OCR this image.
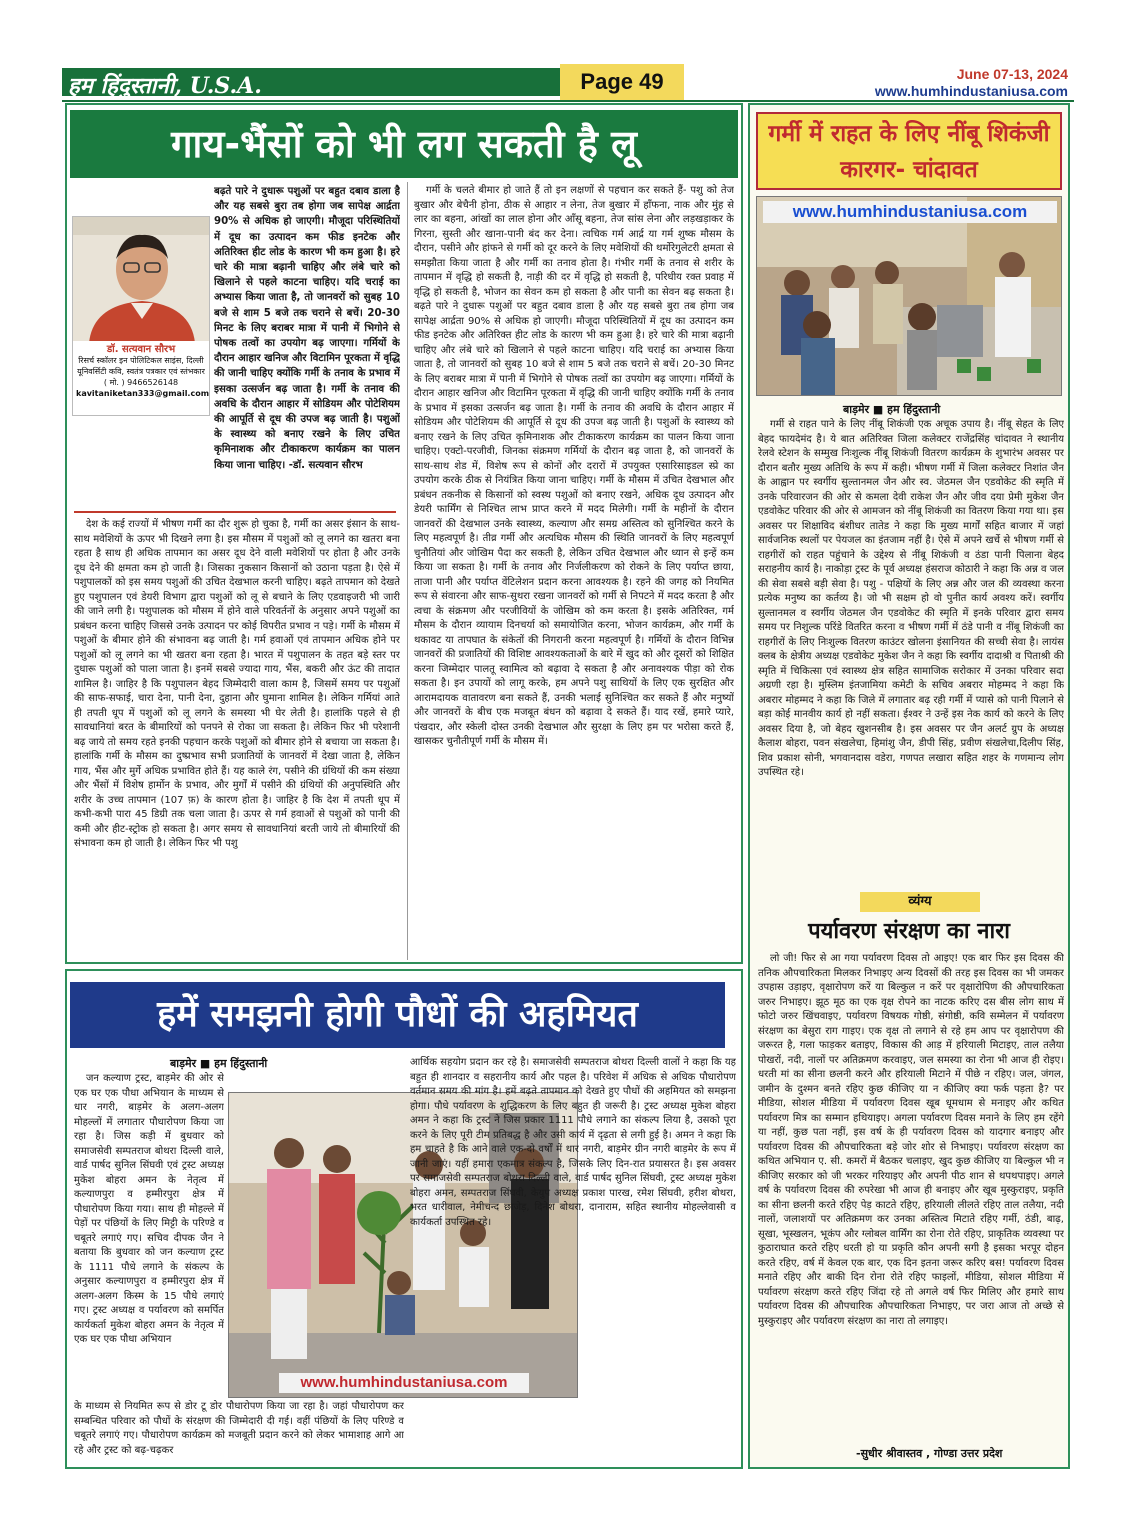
हम हिंदुस्तानी, U.S.A.	Page 49	June 07-13, 2024
www.humhindustaniusa.com
गाय-भैंसों को भी लग सकती है लू
डॉ. सत्यवान सौरभ
रिसर्च स्कॉलर इन पोलिटिकल साइंस, दिल्ली यूनिवर्सिटी कवि, स्वतंत्र पत्रकार एवं स्तंभकार
( मो. ) 9466526148
kavitaniketan333@gmail.com
बढ़ते पारे ने दुधारू पशुओं पर बहुत दबाव डाला है और यह सबसे बुरा तब होगा जब सापेक्ष आर्द्रता 90% से अधिक हो जाएगी। मौजूदा परिस्थितियों में दूध का उत्पादन कम फीड इनटेक और अतिरिक्त हीट लोड के कारण भी कम हुआ है। हरे चारे की मात्रा बढ़ानी चाहिए और लंबे चारे को खिलाने से पहले काटना चाहिए। यदि चराई का अभ्यास किया जाता है, तो जानवरों को सुबह 10 बजे से शाम 5 बजे तक चराने से बचें। 20-30 मिनट के लिए बराबर मात्रा में पानी में भिगोने से पोषक तत्वों का उपयोग बढ़ जाएगा। गर्मियों के दौरान आहार खनिज और विटामिन पूरकता में वृद्धि की जानी चाहिए क्योंकि गर्मी के तनाव के प्रभाव में इसका उत्सर्जन बढ़ जाता है। गर्मी के तनाव की अवधि के दौरान आहार में सोडियम और पोटेशियम की आपूर्ति से दूध की उपज बढ़ जाती है। पशुओं के स्वास्थ्य को बनाए रखने के लिए उचित कृमिनाशक और टीकाकरण कार्यक्रम का पालन किया जाना चाहिए। -डॉ. सत्यवान सौरभ

देश के कई राज्यों में भीषण गर्मी का दौर शुरू हो चुका है, गर्मी का असर इंसान के साथ-साथ मवेशियों के ऊपर भी दिखने लगा है। इस मौसम में पशुओं को लू लगने का खतरा बना रहता है साथ ही अधिक तापमान का असर दूध देने वाली मवेशियों पर होता है और उनके दूध देने की क्षमता कम हो जाती है। जिसका नुकसान किसानों को उठाना पड़ता है। ऐसे में पशुपालकों को इस समय पशुओं की उचित देखभाल करनी चाहिए। बढ़ते तापमान को देखते हुए पशुपालन एवं डेयरी विभाग द्वारा पशुओं को लू से बचाने के लिए एडवाइजरी भी जारी की जाने लगी है। पशुपालक को मौसम में होने वाले परिवर्तनों के अनुसार अपने पशुओं का प्रबंधन करना चाहिए जिससे उनके उत्पादन पर कोई विपरीत प्रभाव न पड़े। गर्मी के मौसम में पशुओं के बीमार होने की संभावना बढ़ जाती है। गर्म हवाओं एवं तापमान अधिक होने पर पशुओं को लू लगने का भी खतरा बना रहता है। भारत में पशुपालन के तहत बड़े स्तर पर दुधारू पशुओं को पाला जाता है। इनमें सबसे ज्यादा गाय, भैंस, बकरी और ऊंट की तादात शामिल है। जाहिर है कि पशुपालन बेहद जिम्मेदारी वाला काम है, जिसमें समय पर पशुओं की साफ-सफाई, चारा देना, पानी देना, दुहाना और घुमाना शामिल है। लेकिन गर्मियां आते ही तपती धूप में पशुओं को लू लगने के समस्या भी घेर लेती है। हालांकि पहले से ही सावधानियां बरत के बीमारियों को पनपने से रोका जा सकता है। लेकिन फिर भी परेशानी बढ़ जाये तो समय रहते इनकी पहचान करके पशुओं को बीमार होने से बचाया जा सकता है। हालांकि गर्मी के मौसम का दुष्प्रभाव सभी प्रजातियों के जानवरों में देखा जाता है, लेकिन गाय, भैंस और मुर्गे अधिक प्रभावित होते हैं। यह काले रंग, पसीने की ग्रंथियों की कम संख्या और भैंसों में विशेष हार्मोन के प्रभाव, और मुर्गों में पसीने की ग्रंथियों की अनुपस्थिति और शरीर के उच्च तापमान (107 फ़) के कारण होता है। जाहिर है कि देश में तपती धूप में कभी-कभी पारा 45 डिग्री तक चला जाता है। ऊपर से गर्म हवाओं से पशुओं को पानी की कमी और हीट-स्ट्रोक हो सकता है। अगर समय से सावधानियां बरती जाये तो बीमारियों की संभावना कम हो जाती है। लेकिन फिर भी पशु

गर्मी के चलते बीमार हो जाते हैं तो इन लक्षणों से पहचान कर सकते हैं- पशु को तेज बुखार और बेचैनी होना, ठीक से आहार न लेना, तेज बुखार में हाँफना, नाक और मुंह से लार का बहना, आंखों का लाल होना और आँसू बहना, तेज सांस लेना और लड़खड़ाकर के गिरना, सुस्ती और खाना-पानी बंद कर देना। त्वचिक गर्म आर्द्र या गर्म शुष्क मौसम के दौरान, पसीने और हांफने से गर्मी को दूर करने के लिए मवेशियों की थर्मोरेगुलेटरी क्षमता से समझौता किया जाता है और गर्मी का तनाव होता है। गंभीर गर्मी के तनाव से शरीर के तापमान में वृद्धि हो सकती है, नाड़ी की दर में वृद्धि हो सकती है, परिधीय रक्त प्रवाह में वृद्धि हो सकती है, भोजन का सेवन कम हो सकता है और पानी का सेवन बढ़ सकता है। बढ़ते पारे ने दुधारू पशुओं पर बहुत दबाव डाला है और यह सबसे बुरा तब होगा जब सापेक्ष आर्द्रता 90% से अधिक हो जाएगी। मौजूदा परिस्थितियों में दूध का उत्पादन कम फीड इनटेक और अतिरिक्त हीट लोड के कारण भी कम हुआ है। हरे चारे की मात्रा बढ़ानी चाहिए और लंबे चारे को खिलाने से पहले काटना चाहिए। यदि चराई का अभ्यास किया जाता है, तो जानवरों को सुबह 10 बजे से शाम 5 बजे तक चराने से बचें। 20-30 मिनट के लिए बराबर मात्रा में पानी में भिगोने से पोषक तत्वों का उपयोग बढ़ जाएगा। गर्मियों के दौरान आहार खनिज और विटामिन पूरकता में वृद्धि की जानी चाहिए क्योंकि गर्मी के तनाव के प्रभाव में इसका उत्सर्जन बढ़ जाता है। गर्मी के तनाव की अवधि के दौरान आहार में सोडियम और पोटेशियम की आपूर्ति से दूध की उपज बढ़ जाती है। पशुओं के स्वास्थ्य को बनाए रखने के लिए उचित कृमिनाशक और टीकाकरण कार्यक्रम का पालन किया जाना चाहिए। एक्टो-परजीवी, जिनका संक्रमण गर्मियों के दौरान बढ़ जाता है, को जानवरों के साथ-साथ शेड में, विशेष रूप से कोनों और दरारों में उपयुक्त एसारिसाइडल स्प्रे का उपयोग करके ठीक से नियंत्रित किया जाना चाहिए। गर्मी के मौसम में उचित देखभाल और प्रबंधन तकनीक से किसानों को स्वस्थ पशुओं को बनाए रखने, अधिक दूध उत्पादन और डेयरी फार्मिंग से निश्चित लाभ प्राप्त करने में मदद मिलेगी। गर्मी के महीनों के दौरान जानवरों की देखभाल उनके स्वास्थ्य, कल्याण और समग्र अस्तित्व को सुनिश्चित करने के लिए महत्वपूर्ण है। तीव्र गर्मी और अत्यधिक मौसम की स्थिति जानवरों के लिए महत्वपूर्ण चुनौतियां और जोखिम पैदा कर सकती है, लेकिन उचित देखभाल और ध्यान से इन्हें कम किया जा सकता है। गर्मी के तनाव और निर्जलीकरण को रोकने के लिए पर्याप्त छाया, ताजा पानी और पर्याप्त वेंटिलेशन प्रदान करना आवश्यक है। रहने की जगह को नियमित रूप से संवारना और साफ-सुथरा रखना जानवरों को गर्मी से निपटने में मदद करता है और त्वचा के संक्रमण और परजीवियों के जोखिम को कम करता है। इसके अतिरिक्त, गर्म मौसम के दौरान व्यायाम दिनचर्या को समायोजित करना, भोजन कार्यक्रम, और गर्मी के थकावट या तापघात के संकेतों की निगरानी करना महत्वपूर्ण है। गर्मियों के दौरान विभिन्न जानवरों की प्रजातियों की विशिष्ट आवश्यकताओं के बारे में खुद को और दूसरों को शिक्षित करना जिम्मेदार पालतू स्वामित्व को बढ़ावा दे सकता है और अनावश्यक पीड़ा को रोक सकता है। इन उपायों को लागू करके, हम अपने पशु साथियों के लिए एक सुरक्षित और आरामदायक वातावरण बना सकते हैं, उनकी भलाई सुनिश्चित कर सकते हैं और मनुष्यों और जानवरों के बीच एक मजबूत बंधन को बढ़ावा दे सकते हैं। याद रखें, हमारे प्यारे, पंखदार, और स्केली दोस्त उनकी देखभाल और सुरक्षा के लिए हम पर भरोसा करते हैं, खासकर चुनौतीपूर्ण गर्मी के मौसम में।

गर्मी में राहत के लिए नींबू शिकंजी कारगर- चांदावत
www.humhindustaniusa.com
बाड़मेर ■ हम हिंदुस्तानी

गर्मी से राहत पाने के लिए नींबू शिकंजी एक अचूक उपाय है। नींबू सेहत के लिए बेहद फायदेमंद है। ये बात अतिरिक्त जिला कलेक्टर राजेंद्रसिंह चांदावत ने स्थानीय रेलवे स्टेशन के सम्मुख निःशुल्क नींबू शिकंजी वितरण कार्यक्रम के शुभारंभ अवसर पर दौरान बतौर मुख्य अतिथि के रूप में कही। भीषण गर्मी में जिला कलेक्टर निशांत जैन के आह्वान पर स्वर्गीय सुल्तानमल जैन और स्व. जेठमल जैन एडवोकेट की स्मृति में उनके परिवारजन की ओर से कमला देवी राकेश जैन और जीव दया प्रेमी मुकेश जैन एडवोकेट परिवार की ओर से आमजन को नींबू शिकंजी का वितरण किया गया था। इस अवसर पर शिक्षाविद बंशीधर तातेड ने कहा कि मुख्य मार्गों सहित बाजार में जहां सार्वजनिक स्थलों पर पेयजल का इंतजाम नहीं है। ऐसे में अपने खर्चे से भीषण गर्मी से राहगीरों को राहत पहुंचाने के उद्देश्य से नींबू शिकंजी व ठंडा पानी पिलाना बेहद सराहनीय कार्य है। नाकोड़ा ट्रस्ट के पूर्व अध्यक्ष हंसराज कोठारी ने कहा कि अन्न व जल की सेवा सबसे बड़ी सेवा है। पशु - पक्षियों के लिए अन्न और जल की व्यवस्था करना प्रत्येक मनुष्य का कर्तव्य है। जो भी सक्षम हो वो पुनीत कार्य अवश्य करें। स्वर्गीय सुल्तानमल व स्वर्गीय जेठमल जैन एडवोकेट की स्मृति में इनके परिवार द्वारा समय समय पर निशुल्क परिंडे वितरित करना व भीषण गर्मी में ठंडे पानी व नींबू शिकंजी का राहगीरों के लिए निःशुल्क वितरण काउंटर खोलना इंसानियत की सच्ची सेवा है। लायंस क्लब के क्षेत्रीय अध्यक्ष एडवोकेट मुकेश जैन ने कहा कि स्वर्गीय दादाश्री व पिताश्री की स्मृति में चिकित्सा एवं स्वास्थ्य क्षेत्र सहित सामाजिक सरोकार में उनका परिवार सदा अग्रणी रहा है। मुस्लिम इंतजामिया कमेटी के सचिव अबरार मोहम्मद ने कहा कि अबरार मोहम्मद ने कहा कि जिले में लगातार बढ़ रही गर्मी में प्यासे को पानी पिलाने से बड़ा कोई मानवीय कार्य हो नहीं सकता। ईश्वर ने उन्हें इस नेक कार्य को करने के लिए अवसर दिया है, जो बेहद खुशनसीब है। इस अवसर पर जैन अलर्ट ग्रुप के अध्यक्ष कैलाश बोहरा, पवन संखलेचा, हिमांशु जैन, डीपी सिंह, प्रवीण संखलेचा,दिलीप सिंह, शिव प्रकाश सोनी, भगवानदास वडेरा, गणपत लखारा सहित शहर के गणमान्य लोग उपस्थित रहे।

व्यंग्य
पर्यावरण संरक्षण का नारा

लो जी! फिर से आ गया पर्यावरण दिवस तो आइए! एक बार फिर इस दिवस की तनिक औपचारिकता मिलकर निभाइए अन्य दिवसों की तरह इस दिवस का भी जमकर उपहास उड़ाइए, वृक्षारोपण करें या बिल्कुल न करें पर वृक्षारोपिण की औपचारिकता जरुर निभाइए। झूठ मूठ का एक वृक्ष रोपने का नाटक करिए दस बीस लोग साथ में फोटो जरुर खिंचवाइए, पर्यावरण विषयक गोष्ठी, संगोष्ठी, कवि सम्मेलन में पर्यावरण संरक्षण का बेसुरा राग गाइए। एक वृक्ष तो लगाने से रहे हम आप पर वृक्षारोपण की जरूरत है, गला फाड़कर बताइए, विकास की आड़ में हरियाली मिटाइए, ताल तलैया पोखरों, नदी, नालों पर अतिक्रमण करवाइए, जल समस्या का रोना भी आज ही रोइए। धरती मां का सीना छलनी करने और हरियाली मिटाने में पीछे न रहिए। जल, जंगल, जमीन के दुश्मन बनते रहिए कुछ कीजिए या न कीजिए क्या फर्क पड़ता है? पर मीडिया, सोशल मीडिया में पर्यावरण दिवस खूब धूमधाम से मनाइए और कथित पर्यावरण मित्र का सम्मान हथियाइए। अगला पर्यावरण दिवस मनाने के लिए हम रहेंगे या नहीं, कुछ पता नहीं, इस वर्ष के ही पर्यावरण दिवस को यादगार बनाइए और पर्यावरण दिवस की औपचारिकता बड़े जोर शोर से निभाइए। पर्यावरण संरक्षण का कथित अभियान ए. सी. कमरों में बैठकर चलाइए, खुद कुछ कीजिए या बिल्कुल भी न कीजिए सरकार को जी भरकर गरियाइए और अपनी पीठ शान से थपथपाइए। अगले वर्ष के पर्यावरण दिवस की रुपरेखा भी आज ही बनाइए और खूब मुस्कुराइए, प्रकृति का सीना छलनी करते रहिए पेड़ काटते रहिए, हरियाली लीलते रहिए ताल तलैया, नदी नालों, जलाशयों पर अतिक्रमण कर उनका अस्तित्व मिटाते रहिए गर्मी, ठंडी, बाढ़, सूखा, भूस्खलन, भूकंप और ग्लोबल वार्मिंग का रोना रोते रहिए, प्राकृतिक व्यवस्था पर कुठाराघात करते रहिए धरती हो या प्रकृति कौन अपनी सगी है इसका भरपूर दोहन करते रहिए, वर्ष में केवल एक बार, एक दिन इतना जरूर करिए बस! पर्यावरण दिवस मनाते रहिए और बाकी दिन रोना रोते रहिए फाइलों, मीडिया, सोशल मीडिया में पर्यावरण संरक्षण करते रहिए जिंदा रहे तो अगले वर्ष फिर मिलिए और हमारे साथ पर्यावरण दिवस की औपचारिक औपचारिकता निभाइए, पर जरा आज तो अच्छे से मुस्कुराइए और पर्यावरण संरक्षण का नारा तो लगाइए।

-सुधीर श्रीवास्तव , गोण्डा उत्तर प्रदेश
हमें समझनी होगी पौधों की अहमियत
बाड़मेर ■ हम हिंदुस्तानी

जन कल्याण ट्रस्ट, बाड़मेर की ओर से एक घर एक पौधा अभियान के माध्यम से धार नगरी, बाड़मेर के अलग-अलग मोहल्लों में लगातार पौधारोपण किया जा रहा है। जिस कड़ी में बुधवार को समाजसेवी सम्पतराज बोथरा दिल्ली वाले, वार्ड पार्षद सुनिल सिंघवी एवं ट्रस्ट अध्यक्ष मुकेश बोहरा अमन के नेतृत्व में कल्याणपुरा व हम्मीरपुरा क्षेत्र में पौधारोपण किया गया। साथ ही मोहल्ले में पेड़ों पर पंछियों के लिए मिट्टी के परिण्डे व चबूतरे लगाएं गए। सचिव दीपक जैन ने बताया कि बुधवार को जन कल्याण ट्रस्ट के 1111 पौधे लगाने के संकल्प के अनुसार कल्याणपुरा व हम्मीरपुरा क्षेत्र में अलग-अलग किस्म के 15 पौधे लगाएं गए। ट्रस्ट अध्यक्ष व पर्यावरण को समर्पित कार्यकर्ता मुकेश बोहरा अमन के नेतृत्व में एक घर एक पौधा अभियान

www.humhindustaniusa.com
के माध्यम से नियमित रूप से डोर टू डोर पौधारोपण किया जा रहा है। जहां पौधारोपण कर सम्बन्धित परिवार को पौधों के संरक्षण की जिम्मेदारी दी गई। वहीं पंछियों के लिए परिण्डे व चबूतरे लगाएं गए। पौधारोपण कार्यक्रम को मजबूती प्रदान करने को लेकर भामाशाह आगे आ रहे और ट्रस्ट को बढ़-चढ़कर

आर्थिक सहयोग प्रदान कर रहे है। समाजसेवी सम्पतराज बोथरा दिल्ली वालों ने कहा कि यह बहुत ही शानदार व सहरानीय कार्य और पहल है। परिवेश में अधिक से अधिक पौधारोपण वर्तमान समय की मांग है। हमें बढ़ते तापमान को देखते हुए पौधों की अहमियत को समझना होगा। पौधे पर्यावरण के शुद्धिकरण के लिए बहुत ही जरूरी है। ट्रस्ट अध्यक्ष मुकेश बोहरा अमन ने कहा कि ट्रस्ट ने जिस प्रकार 1111 पौधे लगाने का संकल्प लिया है, उसको पूरा करने के लिए पूरी टीम प्रतिबद्ध है और उसी कार्य में दृढ़ता से लगी हुई है। अमन ने कहा कि हम चाहते है कि आने वाले एक-दो वर्षों में थार नगरी, बाड़मेर ग्रीन नगरी बाड़मेर के रूप में जानी जाएं। यहीं हमारा एकमात्र संकल्प है, जिसके लिए दिन-रात प्रयासरत है। इस अवसर पर समाजसेवी सम्पतराज बोथरा दिल्ली वाले, वार्ड पार्षद सुनिल सिंघवी, ट्रस्ट अध्यक्ष मुकेश बोहरा अमन, सम्पतराज सिंघवी, केयुप अध्यक्ष प्रकाश पारख, रमेश सिंघवी, हरीश बोथरा, भरत धारीवाल, नेमीचन्द छाजेड़, दिनेश बोथरा, दानाराम, सहित स्थानीय मोहल्लेवासी व कार्यकर्ता उपस्थित रहे।
